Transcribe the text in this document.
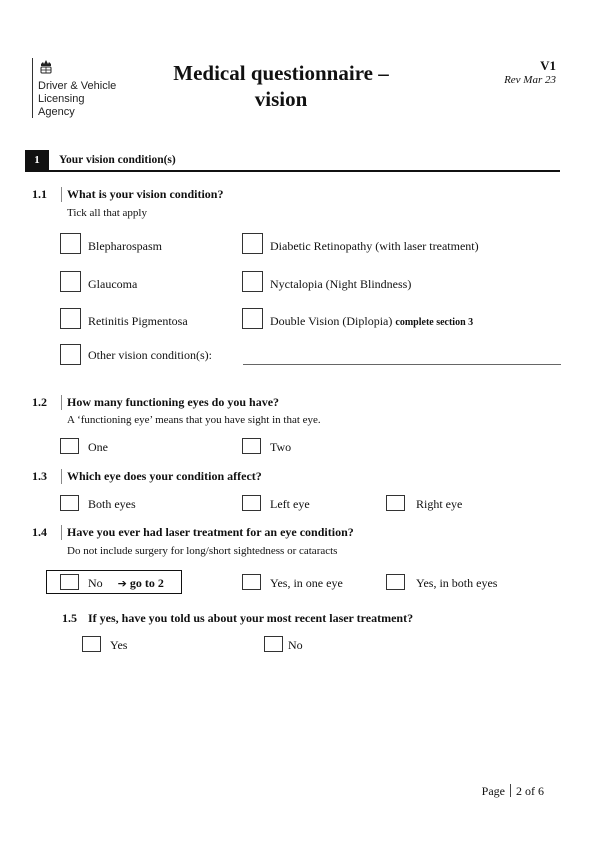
Driver & Vehicle
Licensing
Agency
Medical questionnaire –
vision
V1
Rev Mar 23
1	Your vision condition(s)
1.1 What is your vision condition?
Tick all that apply
Blepharospasm	Diabetic Retinopathy (with laser treatment)
Glaucoma	Nyctalopia (Night Blindness)
Retinitis Pigmentosa	Double Vision (Diplopia) complete section 3
Other vision condition(s):
1.2 How many functioning eyes do you have?
A ‘functioning eye’ means that you have sight in that eye.
One	Two
1.3 Which eye does your condition affect?
Both eyes	Left eye	Right eye
1.4 Have you ever had laser treatment for an eye condition?
Do not include surgery for long/short sightedness or cataracts
No ➔ go to 2	Yes, in one eye	Yes, in both eyes
1.5 If yes, have you told us about your most recent laser treatment?
Yes	No
Page 2 of 6
